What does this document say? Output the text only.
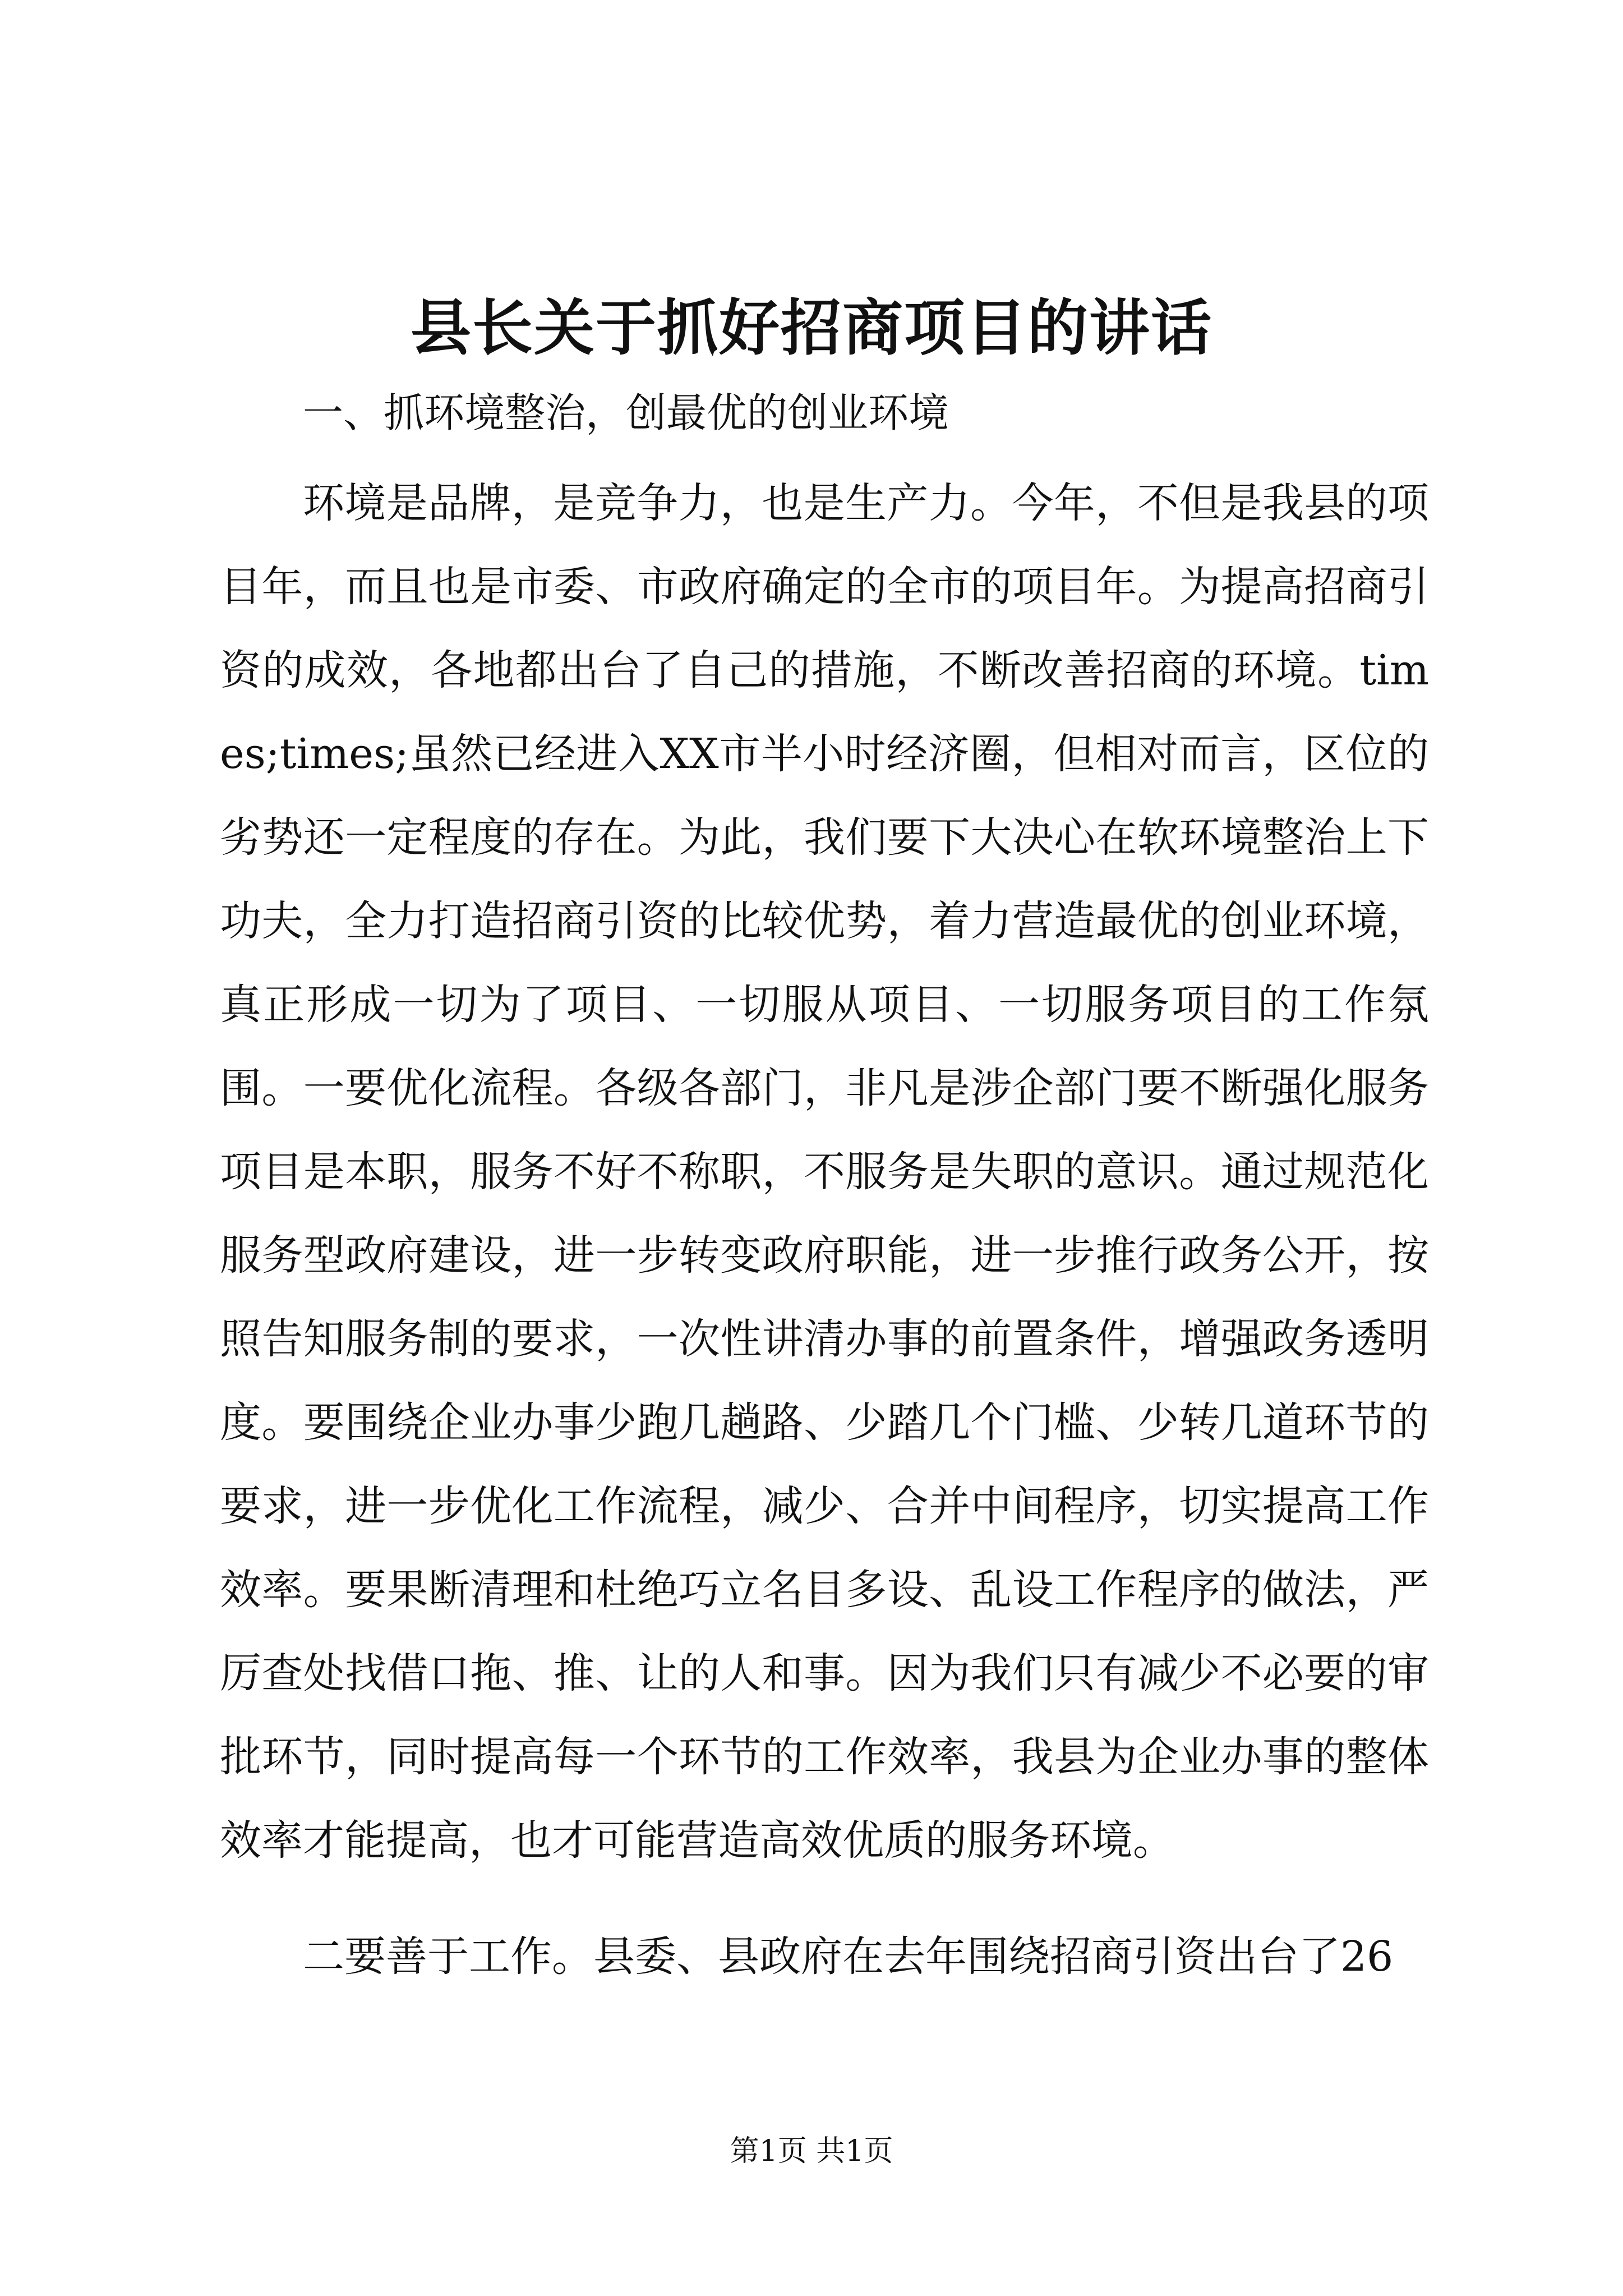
县长关于抓好招商项目的讲话
一、抓环境整治，创最优的创业环境
环境是品牌，是竞争力，也是生产力。今年，不但是我县的项目年，而且也是市委、市政府确定的全市的项目年。为提高招商引资的成效，各地都出台了自己的措施，不断改善招商的环境。times;times;虽然已经进入XX市半小时经济圈，但相对而言，区位的劣势还一定程度的存在。为此，我们要下大决心在软环境整治上下功夫，全力打造招商引资的比较优势，着力营造最优的创业环境，真正形成一切为了项目、一切服从项目、一切服务项目的工作氛围。一要优化流程。各级各部门，非凡是涉企部门要不断强化服务项目是本职，服务不好不称职，不服务是失职的意识。通过规范化服务型政府建设，进一步转变政府职能，进一步推行政务公开，按照告知服务制的要求，一次性讲清办事的前置条件，增强政务透明度。要围绕企业办事少跑几趟路、少踏几个门槛、少转几道环节的要求，进一步优化工作流程，减少、合并中间程序，切实提高工作效率。要果断清理和杜绝巧立名目多设、乱设工作程序的做法，严厉查处找借口拖、推、让的人和事。因为我们只有减少不必要的审批环节，同时提高每一个环节的工作效率，我县为企业办事的整体效率才能提高，也才可能营造高效优质的服务环境。
二要善于工作。县委、县政府在去年围绕招商引资出台了26
第1页 共1页
